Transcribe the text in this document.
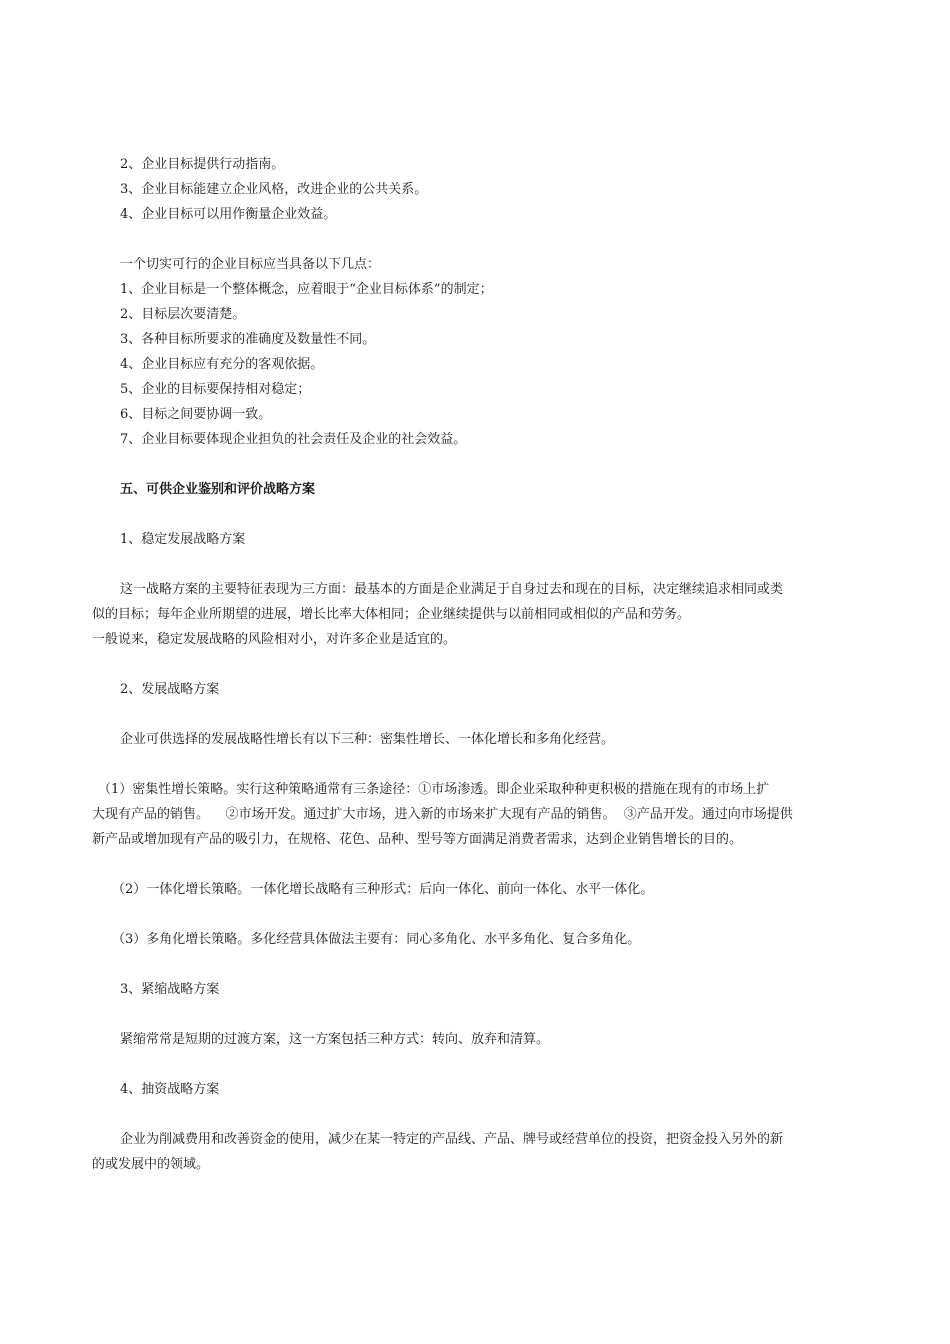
2、企业目标提供行动指南。
3、企业目标能建立企业风格，改进企业的公共关系。
4、企业目标可以用作衡量企业效益。
一个切实可行的企业目标应当具备以下几点：
1、企业目标是一个整体概念，应着眼于“企业目标体系”的制定；
2、目标层次要清楚。
3、各种目标所要求的准确度及数量性不同。
4、企业目标应有充分的客观依据。
5、企业的目标要保持相对稳定；
6、目标之间要协调一致。
7、企业目标要体现企业担负的社会责任及企业的社会效益。
五、可供企业鉴别和评价战略方案
1、稳定发展战略方案
这一战略方案的主要特征表现为三方面：最基本的方面是企业满足于自身过去和现在的目标，决定继续追求相同或类
似的目标；每年企业所期望的进展，增长比率大体相同；企业继续提供与以前相同或相似的产品和劳务。
一般说来，稳定发展战略的风险相对小，对许多企业是适宜的。
2、发展战略方案
企业可供选择的发展战略性增长有以下三种：密集性增长、一体化增长和多角化经营。
（1）密集性增长策略。实行这种策略通常有三条途径：①市场渗透。即企业采取种种更积极的措施在现有的市场上扩
大现有产品的销售。    ②市场开发。通过扩大市场，进入新的市场来扩大现有产品的销售。  ③产品开发。通过向市场提供
新产品或增加现有产品的吸引力，在规格、花色、品种、型号等方面满足消费者需求，达到企业销售增长的目的。
（2）一体化增长策略。一体化增长战略有三种形式：后向一体化、前向一体化、水平一体化。
（3）多角化增长策略。多化经营具体做法主要有：同心多角化、水平多角化、复合多角化。
3、紧缩战略方案
紧缩常常是短期的过渡方案，这一方案包括三种方式：转向、放弃和清算。
4、抽资战略方案
企业为削减费用和改善资金的使用，减少在某一特定的产品线、产品、牌号或经营单位的投资，把资金投入另外的新
的或发展中的领域。
